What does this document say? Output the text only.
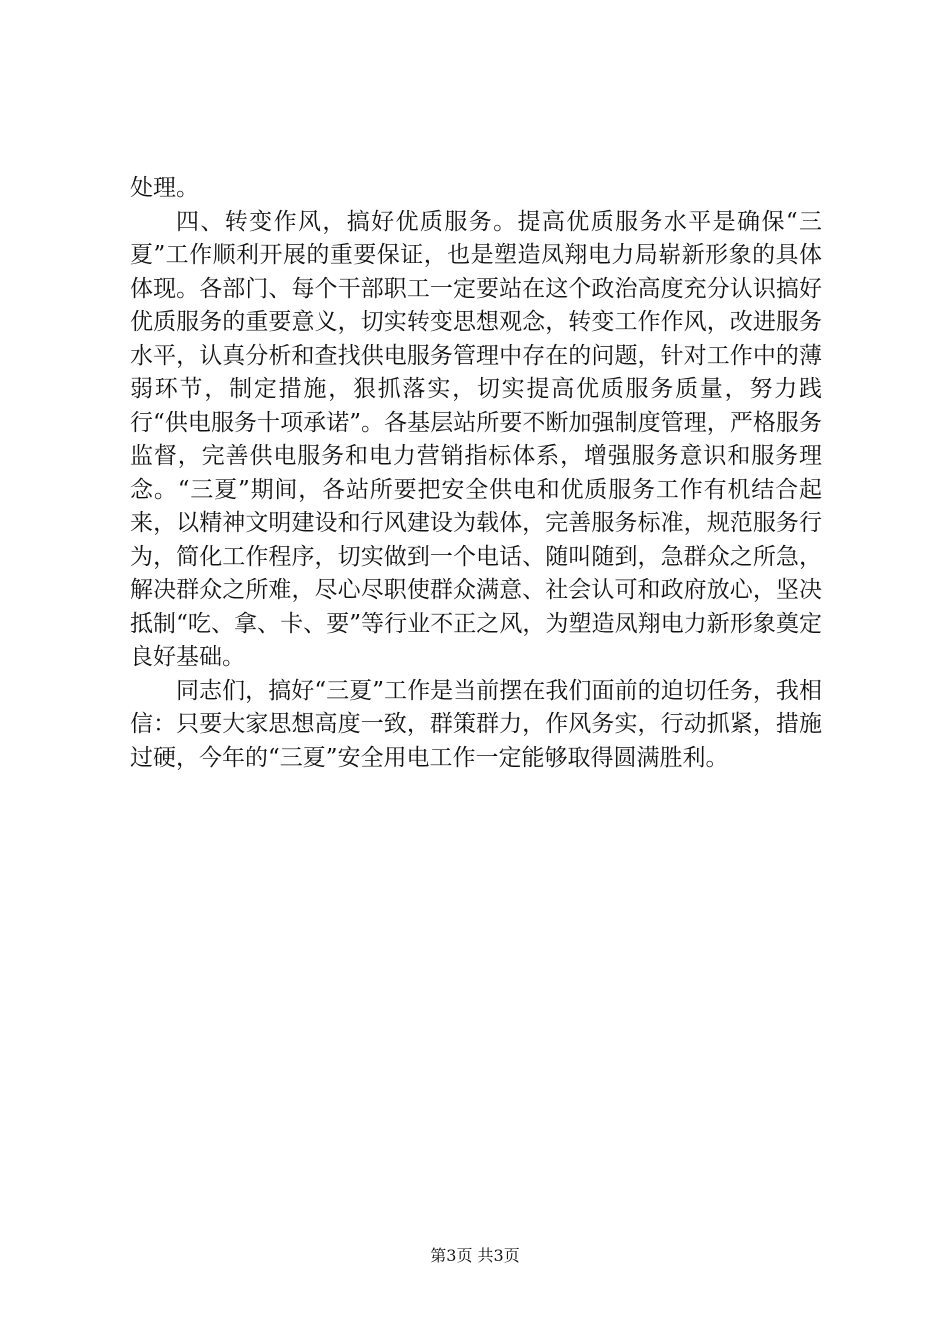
处理。

四、转变作风，搞好优质服务。提高优质服务水平是确保“三夏”工作顺利开展的重要保证，也是塑造凤翔电力局崭新形象的具体体现。各部门、每个干部职工一定要站在这个政治高度充分认识搞好优质服务的重要意义，切实转变思想观念，转变工作作风，改进服务水平，认真分析和查找供电服务管理中存在的问题，针对工作中的薄弱环节，制定措施，狠抓落实，切实提高优质服务质量，努力践行“供电服务十项承诺”。各基层站所要不断加强制度管理，严格服务监督，完善供电服务和电力营销指标体系，增强服务意识和服务理念。“三夏”期间，各站所要把安全供电和优质服务工作有机结合起来，以精神文明建设和行风建设为载体，完善服务标准，规范服务行为，简化工作程序，切实做到一个电话、随叫随到，急群众之所急，解决群众之所难，尽心尽职使群众满意、社会认可和政府放心，坚决抵制“吃、拿、卡、要”等行业不正之风，为塑造凤翔电力新形象奠定良好基础。

同志们，搞好“三夏”工作是当前摆在我们面前的迫切任务，我相信：只要大家思想高度一致，群策群力，作风务实，行动抓紧，措施过硬，今年的“三夏”安全用电工作一定能够取得圆满胜利。

第3页 共3页
